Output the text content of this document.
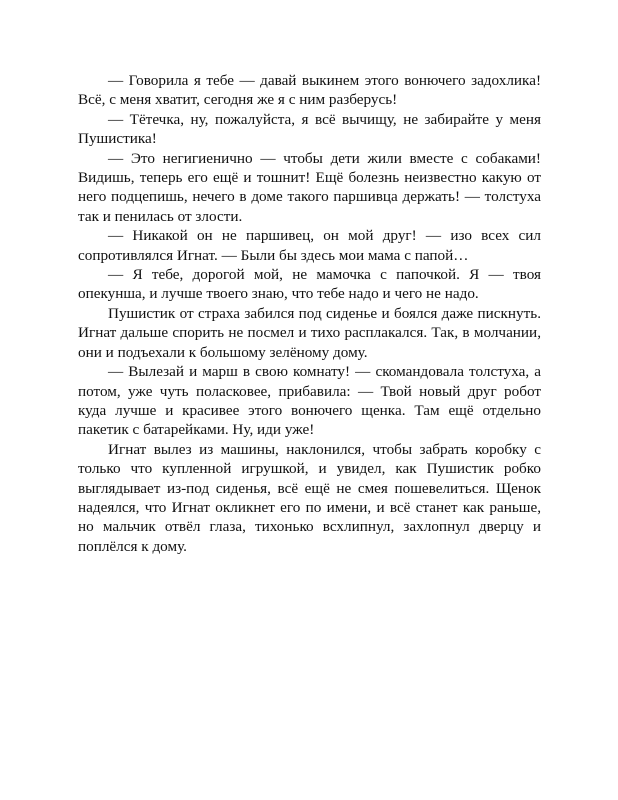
— Говорила я тебе — давай выкинем этого вонючего задохлика! Всё, с меня хватит, сегодня же я с ним разберусь!

— Тётечка, ну, пожалуйста, я всё вычищу, не забирайте у меня Пушистика!

— Это негигиенично — чтобы дети жили вместе с собаками! Видишь, теперь его ещё и тошнит! Ещё болезнь неизвестно какую от него подцепишь, нечего в доме такого паршивца держать! — толстуха так и пенилась от злости.

— Никакой он не паршивец, он мой друг! — изо всех сил сопротивлялся Игнат. — Были бы здесь мои мама с папой…

— Я тебе, дорогой мой, не мамочка с папочкой. Я — твоя опекунша, и лучше твоего знаю, что тебе надо и чего не надо.

Пушистик от страха забился под сиденье и боялся даже пискнуть. Игнат дальше спорить не посмел и тихо расплакался. Так, в молчании, они и подъехали к большому зелёному дому.

— Вылезай и марш в свою комнату! — скомандовала толстуха, а потом, уже чуть поласковее, прибавила: — Твой новый друг робот куда лучше и красивее этого вонючего щенка. Там ещё отдельно пакетик с батарейками. Ну, иди уже!

Игнат вылез из машины, наклонился, чтобы забрать коробку с только что купленной игрушкой, и увидел, как Пушистик робко выглядывает из-под сиденья, всё ещё не смея пошевелиться. Щенок надеялся, что Игнат окликнет его по имени, и всё станет как раньше, но мальчик отвёл глаза, тихонько всхлипнул, захлопнул дверцу и поплёлся к дому.
